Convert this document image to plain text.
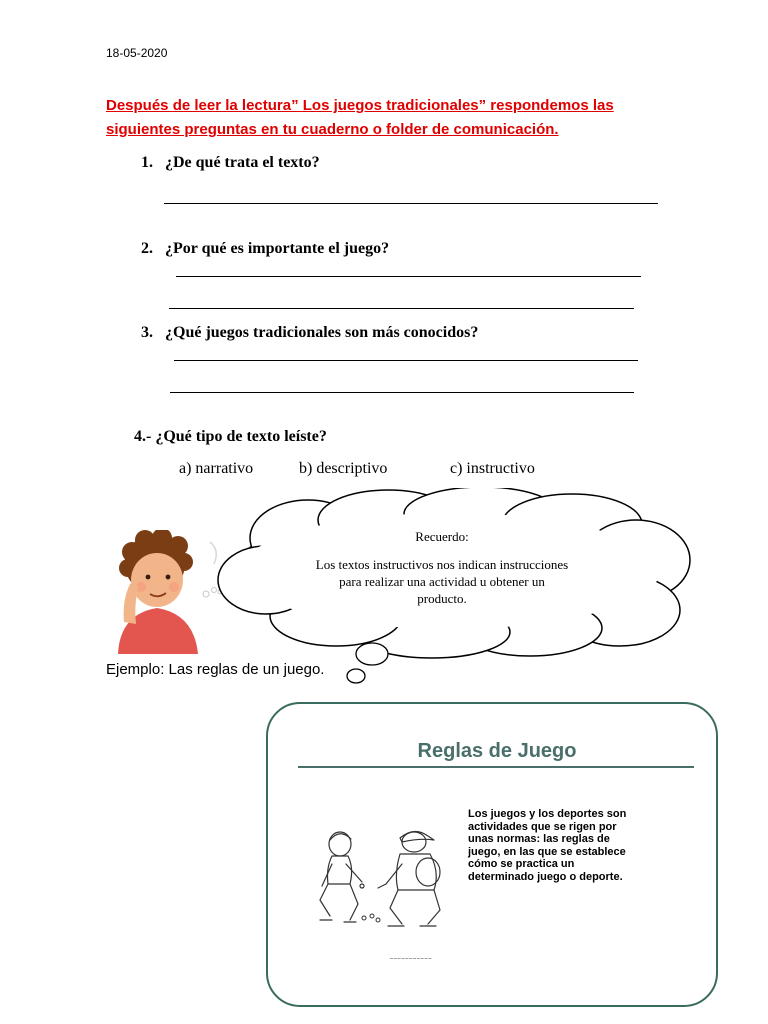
18-05-2020
Después de leer la lectura” Los juegos tradicionales” respondemos las
siguientes preguntas en tu cuaderno o folder de comunicación.
1. ¿De qué trata el texto?
2. ¿Por qué es importante el juego?
3. ¿Qué juegos tradicionales son más conocidos?
4.- ¿Qué tipo de texto leíste?
a) narrativo	b) descriptivo	c) instructivo
Recuerdo:
Los textos instructivos nos indican instrucciones
para realizar una actividad u obtener un
producto.
Ejemplo: Las reglas de un juego.
Reglas de Juego
Los juegos y los deportes son
actividades que se rigen por
unas normas: las reglas de
juego, en las que se establece
cómo se practica un
determinado juego o deporte.
▬ ▬ ▬ ▬ ▬ ▬ ▬ ▬ ▬ ▬ ▬
